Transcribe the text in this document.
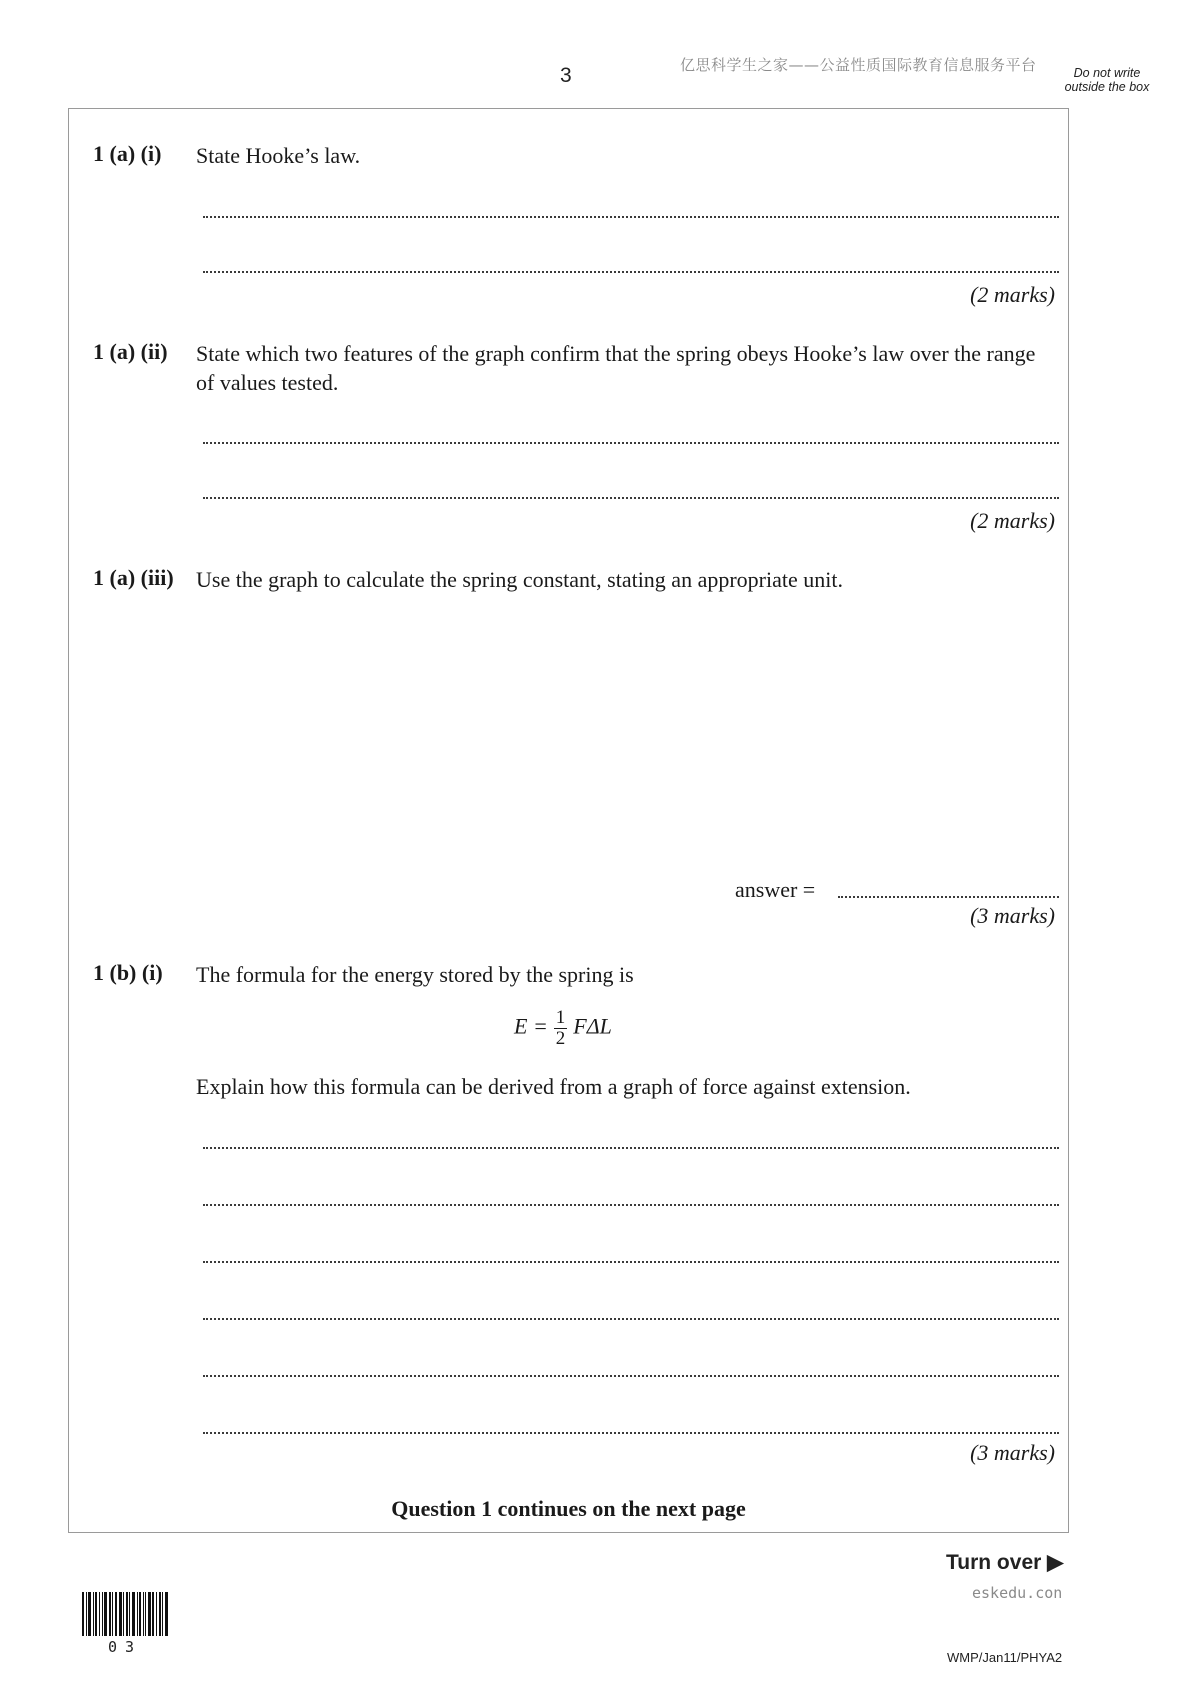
3	亿思科学生之家——公益性质国际教育信息服务平台	Do not write outside the box
1 (a) (i) State Hooke’s law.
(2 marks)
1 (a) (ii) State which two features of the graph confirm that the spring obeys Hooke’s law over the range of values tested.
(2 marks)
1 (a) (iii) Use the graph to calculate the spring constant, stating an appropriate unit.
answer =
(3 marks)
1 (b) (i) The formula for the energy stored by the spring is
$E = \frac{1}{2}$ FΔL
Explain how this formula can be derived from a graph of force against extension.
(3 marks)
Question 1 continues on the next page
Turn over ▶
eskedu.con
03
WMP/Jan11/PHYA2
